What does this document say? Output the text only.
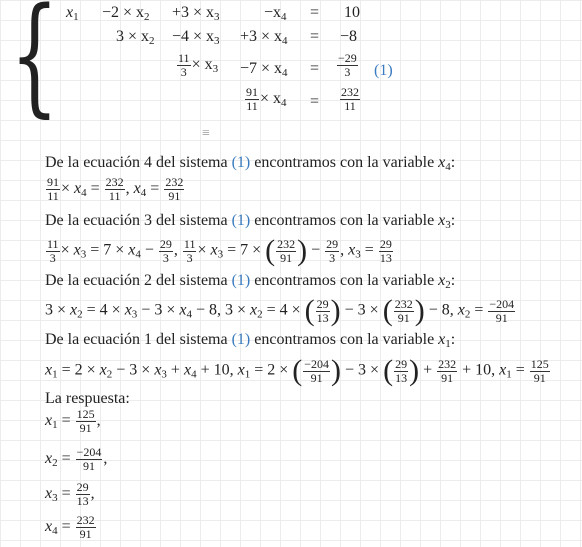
{ $x_1 -2 \times x_2 +3 \times x_3$	$-x_4 = 10$
$3 \times x_2 -4 \times x_3 +3 \times x_4 = -8$
$\frac{11}{3} \times x_3 -7 \times x_4 = \frac{-29}{3} (1)$
$\frac{91}{11} \times x_4 = \frac{232}{11}$
≡
De la ecuación 4 del sistema (1) encontramos con la variable $x_4$:
$\frac{91}{11} \times x_4 = \frac{232}{11}$ , $x_4 = \frac{232}{91}$
De la ecuación 3 del sistema (1) encontramos con la variable $x_3$:
$\frac{11}{3} \times x_3 = 7 \times x_4 - \frac{29}{3}$ , $\frac{11}{3} \times x_3 = 7$ × ( $\frac{232}{91}$ ) − $\frac{29}{3}$ , $x_3 = \frac{29}{13}$
De la ecuación 2 del sistema (1) encontramos con la variable $x_2$:
$3 \times x_2 = 4 \times x_3 - 3 \times x_4 - 8$, $3 \times x_2 = 4$ × ( $\frac{29}{13}$ ) − 3 × ( $\frac{232}{91}$ ) − 8, $x_2 = \frac{-204}{91}$
De la ecuación 1 del sistema (1) encontramos con la variable $x_1$:
$x_1 = 2 \times x_2 - 3 \times x_3 + x_4 + 10$, $x_1 = 2$ × ( $\frac{-204}{91}$ ) − 3 × ( $\frac{29}{13}$ ) + $\frac{232}{91} + 10$, $x_1 = \frac{125}{91}$
La respuesta:
$x_1 = \frac{125}{91}$ ,
$x_2 = \frac{-204}{91}$ ,
$x_3 = \frac{29}{13}$ ,
$x_4 = \frac{232}{91}$
